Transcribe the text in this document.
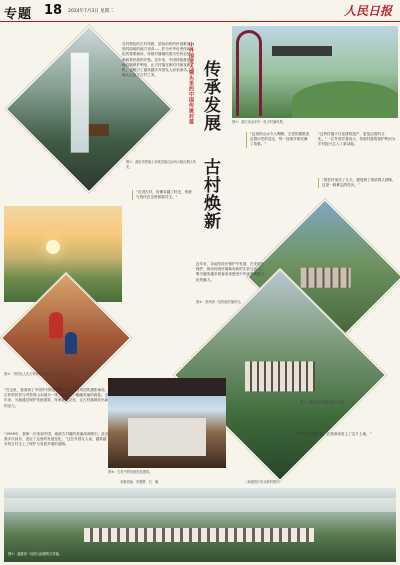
专题 18 2024年7月3日 星期二	人民日报
各具特色的古村风貌、悠扬动听的民俗歌谣、独具韵味的地方美食……作为中华优秀传统文化的重要载体，传统村落凝结着历史的记忆，承载着民族的乡愁。近年来，中国持续推进传统村落保护利用，让古村落在新时代焕发新生机，也吸引了越来越多外国友人前来探访，用镜头记录下古村之美。	中外国友人镜头里的中国传统村落 传承发展
古村焕新
图②：浙江省金华市一处古村落风景。
“这里的山水令人陶醉，古老的建筑见证着历史的变迁，每一处细节都充满了故事。”
“这些村落不仅是建筑遗产，更是活着的文化。”一位外国学者表示，传统村落的保护利用为乡村振兴注入了新动能。
“我在村里住了几天，感受到了浓浓的人情味，这是一段难忘的经历。”
图①：湖北省恩施土家族苗族自治州大峡谷景区风光。
“走进古村，仿佛穿越了时光，传统与现代在这里和谐共生。”
近年来，各地坚持在保护中发展、在发展中保护，推动传统村落焕发新的生机与活力，吸引越来越多游客前来感受中华优秀传统文化的魅力。
图④：贵州省一处传统村落风光。
图③：外国友人在古村体验当地传统民俗文化。
“在这里，我看到了中国乡村的独特魅力。”来自英国的摄影师说，古朴的民居与秀美的山水融为一体，构成了一幅幅美丽的画卷。近年来，当地通过保护传统建筑、传承民俗文化，让古村落焕发出新的活力。
“1999年，我第一次来到中国，就被古村落的美丽深深吸引。此后我多次到访，见证了这里的发展变化。”这位外国友人说，越来越多的古村走上了保护与发展并重的道路。
图⑤：航拍江西省婺源县古村落。
图⑥：古村中的传统民居建筑。
“村民们热情好客，让我深深爱上了这片土地。”
本版责编：李慧慧　白　琳	（本版图片均为资料图片）
图⑦：福建省一处依山而建的古村落。
